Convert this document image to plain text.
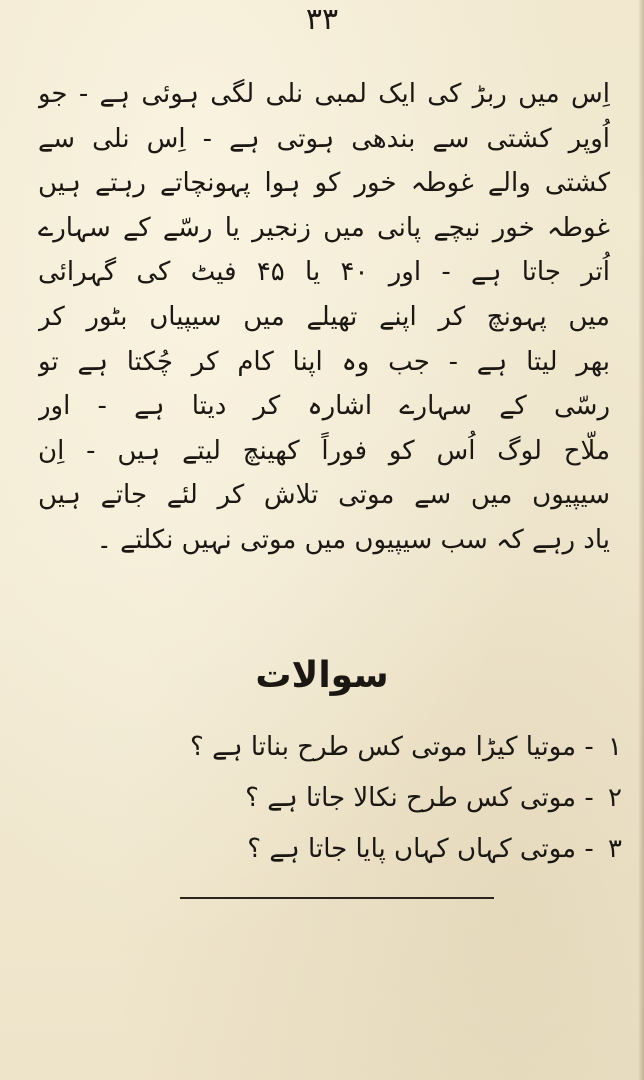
۳۳
اِس میں ربڑ کی ایک لمبی نلی لگی ہوئی ہے - جو
اُوپر کشتی سے بندھی ہوتی ہے - اِس نلی سے
کشتی والے غوطہ خور کو ہوا پہونچاتے رہتے ہیں
غوطہ خور نیچے پانی میں زنجیر یا رسّے کے سہارے
اُتر جاتا ہے - اور ۴۰ یا ۴۵ فیٹ کی گہرائی
میں پہونچ کر اپنے تھیلے میں سیپیاں بٹور کر
بھر لیتا ہے - جب وہ اپنا کام کر چُکتا ہے تو
رسّی کے سہارے اشارہ کر دیتا ہے - اور
ملّاح لوگ اُس کو فوراً کھینچ لیتے ہیں - اِن
سیپیوں میں سے موتی تلاش کر لئے جاتے ہیں
یاد رہے کہ سب سیپیوں میں موتی نہیں نکلتے ۔
سوالات
۱ - موتیا کیڑا موتی کس طرح بناتا ہے ؟
۲ - موتی کس طرح نکالا جاتا ہے ؟
۳ - موتی کہاں کہاں پایا جاتا ہے ؟
